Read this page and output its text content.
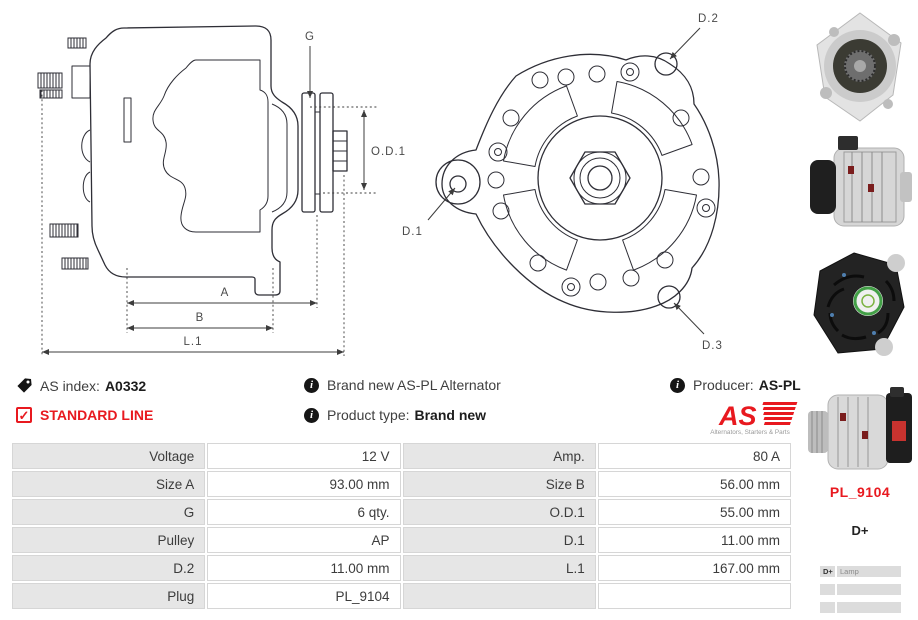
G
O.D.1
A
B
L.1
D.2
D.1
D.3
AS index: A0332	i Brand new AS-PL Alternator	i Producer: AS-PL
✓ STANDARD LINE	i Product type: Brand new	AS
Alternators, Starters & Parts
Voltage	12 V	Amp.	80 A
Size A	93.00 mm	Size B	56.00 mm
G	6 qty.	O.D.1	55.00 mm
Pulley	AP	D.1	11.00 mm
D.2	11.00 mm	L.1	167.00 mm
Plug	PL_9104
PL_9104
D+
D+ Lamp
